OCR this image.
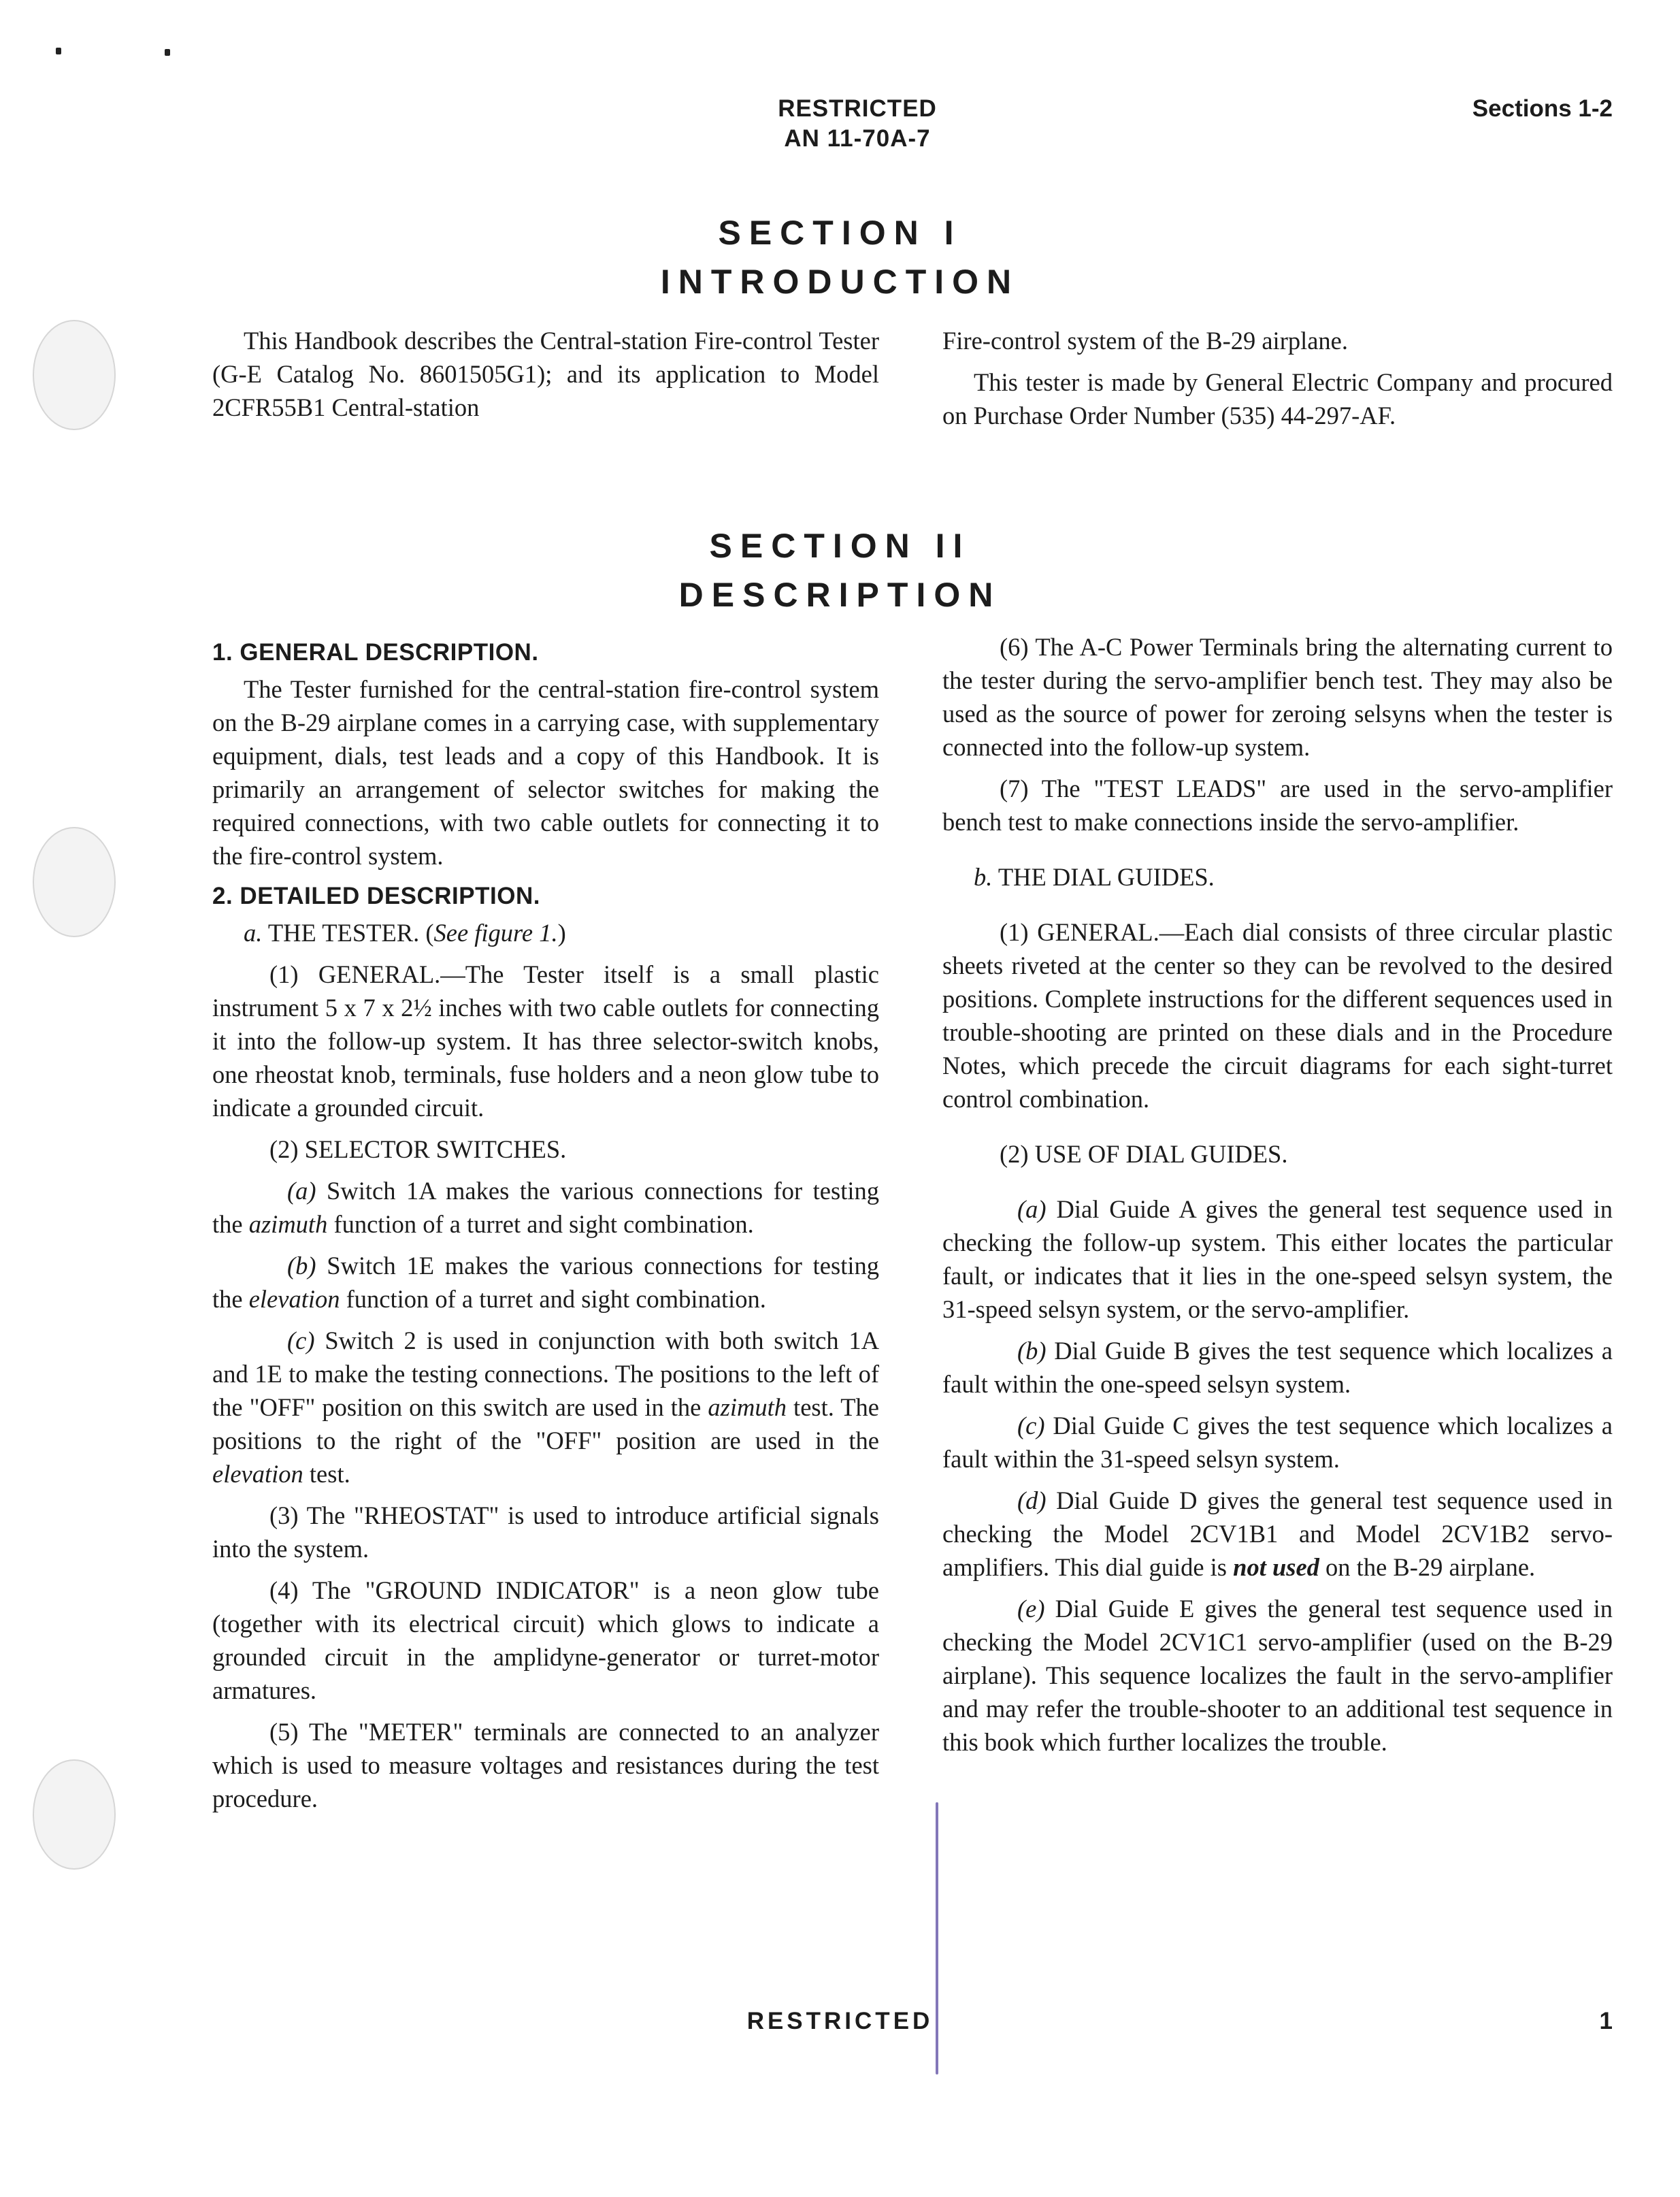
RESTRICTED
AN 11-70A-7
Sections 1-2
SECTION I
INTRODUCTION

This Handbook describes the Central-station Fire-control Tester (G-E Catalog No. 8601505G1); and its application to Model 2CFR55B1 Central-station

Fire-control system of the B-29 airplane.

This tester is made by General Electric Company and procured on Purchase Order Number (535) 44-297-AF.

SECTION II
DESCRIPTION
1. GENERAL DESCRIPTION.

The Tester furnished for the central-station fire-control system on the B-29 airplane comes in a carrying case, with supplementary equipment, dials, test leads and a copy of this Handbook. It is primarily an arrangement of selector switches for making the required connections, with two cable outlets for connecting it to the fire-control system.

2. DETAILED DESCRIPTION.

a. THE TESTER. (See figure 1.)

(1) GENERAL.—The Tester itself is a small plastic instrument 5 x 7 x 2½ inches with two cable outlets for connecting it into the follow-up system. It has three selector-switch knobs, one rheostat knob, terminals, fuse holders and a neon glow tube to indicate a grounded circuit.

(2) SELECTOR SWITCHES.

(a) Switch 1A makes the various connections for testing the azimuth function of a turret and sight combination.

(b) Switch 1E makes the various connections for testing the elevation function of a turret and sight combination.

(c) Switch 2 is used in conjunction with both switch 1A and 1E to make the testing connections. The positions to the left of the "OFF" position on this switch are used in the azimuth test. The positions to the right of the "OFF" position are used in the elevation test.

(3) The "RHEOSTAT" is used to introduce artificial signals into the system.

(4) The "GROUND INDICATOR" is a neon glow tube (together with its electrical circuit) which glows to indicate a grounded circuit in the amplidyne-generator or turret-motor armatures.

(5) The "METER" terminals are connected to an analyzer which is used to measure voltages and resistances during the test procedure.

(6) The A-C Power Terminals bring the alternating current to the tester during the servo-amplifier bench test. They may also be used as the source of power for zeroing selsyns when the tester is connected into the follow-up system.

(7) The "TEST LEADS" are used in the servo-amplifier bench test to make connections inside the servo-amplifier.

b. THE DIAL GUIDES.

(1) GENERAL.—Each dial consists of three circular plastic sheets riveted at the center so they can be revolved to the desired positions. Complete instructions for the different sequences used in trouble-shooting are printed on these dials and in the Procedure Notes, which precede the circuit diagrams for each sight-turret control combination.

(2) USE OF DIAL GUIDES.

(a) Dial Guide A gives the general test sequence used in checking the follow-up system. This either locates the particular fault, or indicates that it lies in the one-speed selsyn system, the 31-speed selsyn system, or the servo-amplifier.

(b) Dial Guide B gives the test sequence which localizes a fault within the one-speed selsyn system.

(c) Dial Guide C gives the test sequence which localizes a fault within the 31-speed selsyn system.

(d) Dial Guide D gives the general test sequence used in checking the Model 2CV1B1 and Model 2CV1B2 servo-amplifiers. This dial guide is not used on the B-29 airplane.

(e) Dial Guide E gives the general test sequence used in checking the Model 2CV1C1 servo-amplifier (used on the B-29 airplane). This sequence localizes the fault in the servo-amplifier and may refer the trouble-shooter to an additional test sequence in this book which further localizes the trouble.

RESTRICTED	1
